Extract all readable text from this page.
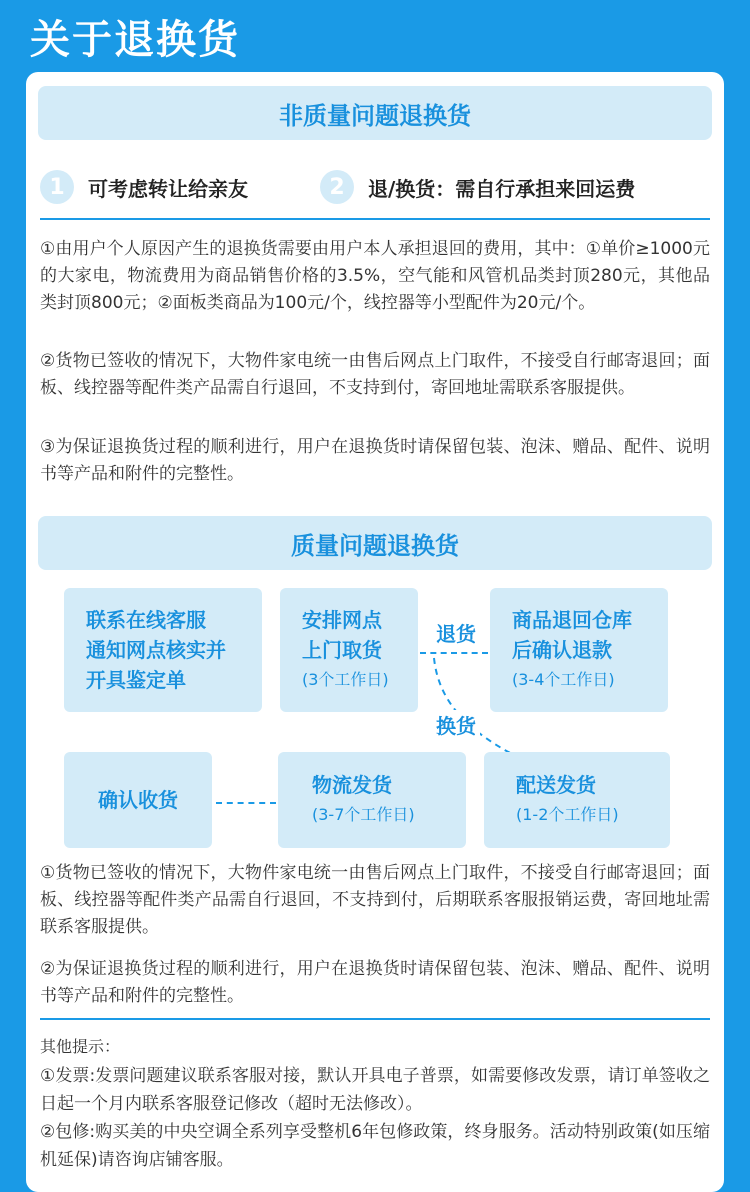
关于退换货
非质量问题退换货
1	可考虑转让给亲友	2	退/换货：需自行承担来回运费
①由用户个人原因产生的退换货需要由用户本人承担退回的费用，其中：①单价≥1000元的大家电，物流费用为商品销售价格的3.5%，空气能和风管机品类封顶280元，其他品类封顶800元；②面板类商品为100元/个，线控器等小型配件为20元/个。
②货物已签收的情况下，大物件家电统一由售后网点上门取件，不接受自行邮寄退回；面板、线控器等配件类产品需自行退回，不支持到付，寄回地址需联系客服提供。
③为保证退换货过程的顺利进行，用户在退换货时请保留包装、泡沫、赠品、配件、说明书等产品和附件的完整性。
质量问题退换货
联系在线客服
通知网点核实并
开具鉴定单
安排网点
上门取货
(3个工作日)
商品退回仓库
后确认退款
(3-4个工作日)
退货
换货
确认收货
物流发货
(3-7个工作日)
配送发货
(1-2个工作日)
①货物已签收的情况下，大物件家电统一由售后网点上门取件，不接受自行邮寄退回；面板、线控器等配件类产品需自行退回，不支持到付，后期联系客服报销运费，寄回地址需联系客服提供。
②为保证退换货过程的顺利进行，用户在退换货时请保留包装、泡沫、赠品、配件、说明书等产品和附件的完整性。
其他提示：
①发票:发票问题建议联系客服对接，默认开具电子普票，如需要修改发票，请订单签收之日起一个月内联系客服登记修改（超时无法修改）。
②包修:购买美的中央空调全系列享受整机6年包修政策，终身服务。活动特别政策(如压缩机延保)请咨询店铺客服。
